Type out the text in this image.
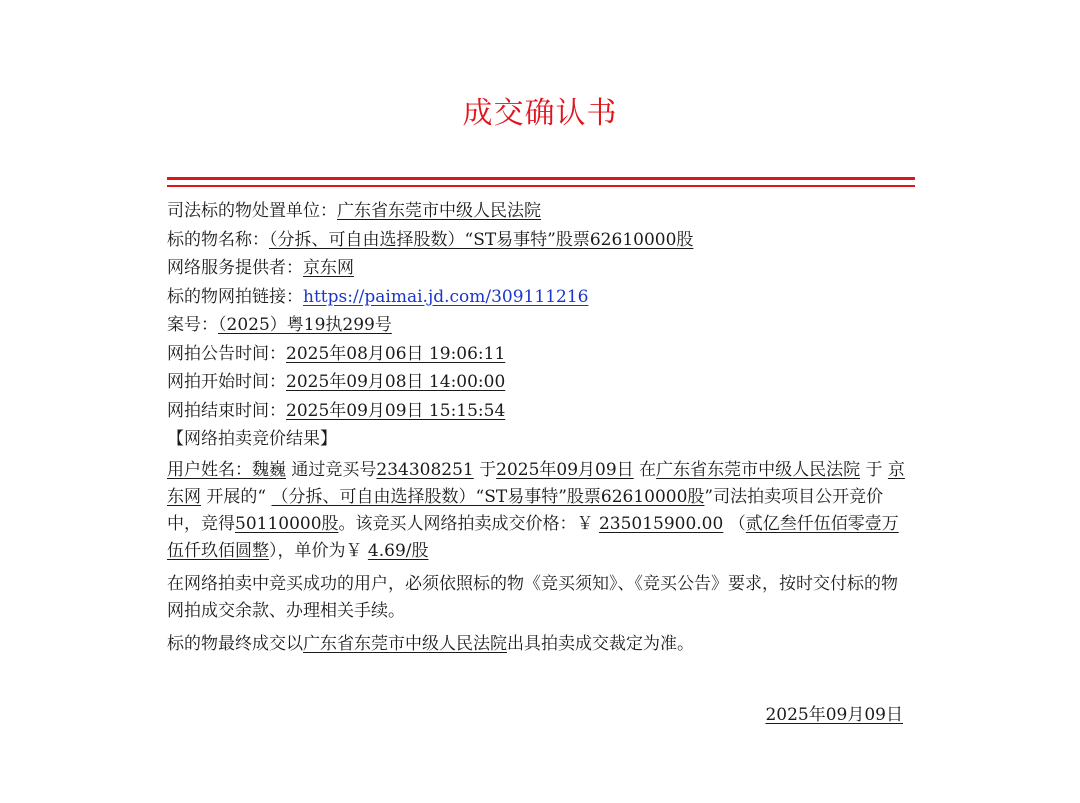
成交确认书
司法标的物处置单位：广东省东莞市中级人民法院
标的物名称：（分拆、可自由选择股数）“ST易事特”股票62610000股
网络服务提供者：京东网
标的物网拍链接：https://paimai.jd.com/309111216
案号：（2025）粤19执299号
网拍公告时间：2025年08月06日 19:06:11
网拍开始时间：2025年09月08日 14:00:00
网拍结束时间：2025年09月09日 15:15:54
【网络拍卖竞价结果】
用户姓名：魏巍 通过竞买号234308251 于2025年09月09日 在广东省东莞市中级人民法院 于 京东网 开展的“ （分拆、可自由选择股数）“ST易事特”股票62610000股”司法拍卖项目公开竞价中，竞得50110000股。该竞买人网络拍卖成交价格：￥ 235015900.00 （贰亿叁仟伍佰零壹万伍仟玖佰圆整），单价为￥ 4.69/股
在网络拍卖中竞买成功的用户，必须依照标的物《竞买须知》、《竞买公告》要求，按时交付标的物网拍成交余款、办理相关手续。
标的物最终成交以广东省东莞市中级人民法院出具拍卖成交裁定为准。
2025年09月09日
